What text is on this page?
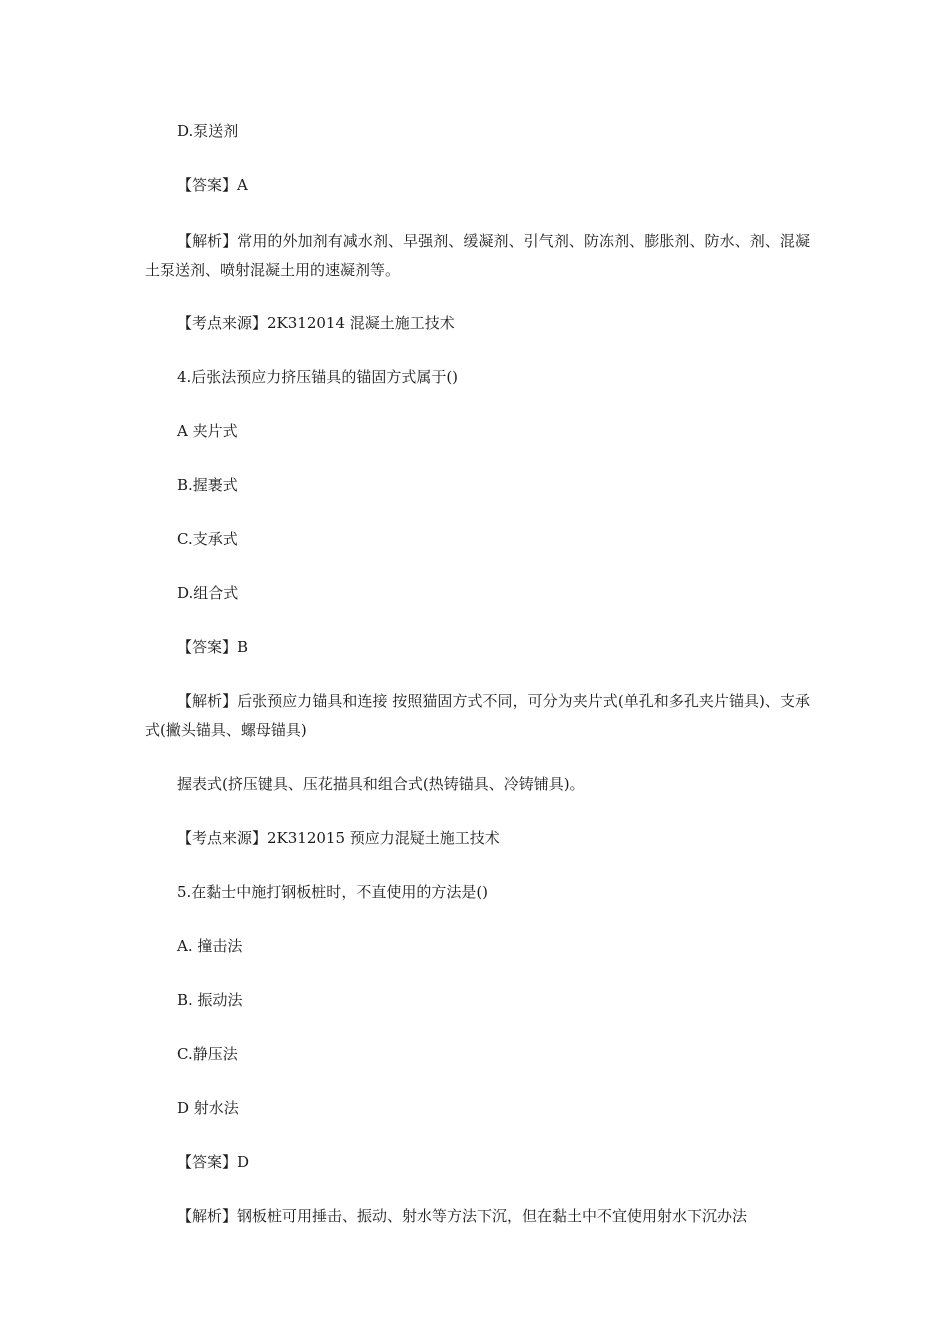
D.泵送剂
【答案】A
【解析】常用的外加剂有减水剂、早强剂、缓凝剂、引气剂、防冻剂、膨胀剂、防水、剂、混凝土泵送剂、喷射混凝土用的速凝剂等。
【考点来源】2K312014 混凝土施工技术
4.后张法预应力挤压锚具的锚固方式属于()
A 夹片式
B.握裹式
C.支承式
D.组合式
【答案】B
【解析】后张预应力锚具和连接 按照猫固方式不同，可分为夹片式(单孔和多孔夹片锚具)、支承式(撇头锚具、螺母锚具)
握表式(挤压键具、压花描具和组合式(热铸锚具、冷铸铺具)。
【考点来源】2K312015 预应力混疑土施工技术
5.在黏士中施打钢板桩时，不直使用的方法是()
A. 撞击法
B. 振动法
C.静压法
D 射水法
【答案】D
【解析】钢板桩可用捶击、振动、射水等方法下沉，但在黏土中不宜使用射水下沉办法
